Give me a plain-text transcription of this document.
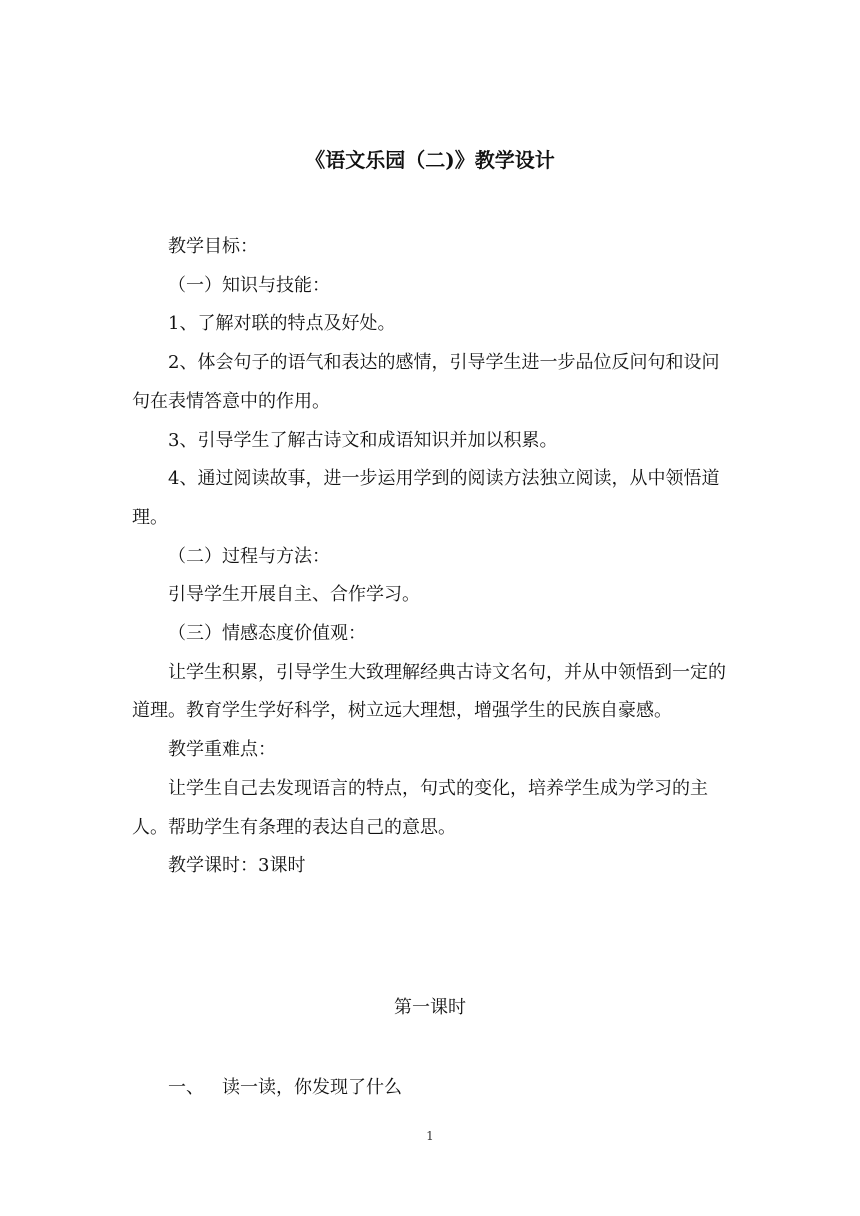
《语文乐园（二)》教学设计

教学目标：

（一）知识与技能：

1、了解对联的特点及好处。

2、体会句子的语气和表达的感情，引导学生进一步品位反问句和设问句在表情答意中的作用。

3、引导学生了解古诗文和成语知识并加以积累。

4、通过阅读故事，进一步运用学到的阅读方法独立阅读，从中领悟道理。

（二）过程与方法：

引导学生开展自主、合作学习。

（三）情感态度价值观：

让学生积累，引导学生大致理解经典古诗文名句，并从中领悟到一定的道理。教育学生学好科学，树立远大理想，增强学生的民族自豪感。

教学重难点：

让学生自己去发现语言的特点，句式的变化，培养学生成为学习的主人。帮助学生有条理的表达自己的意思。

教学课时：3课时

第一课时
一、 读一读，你发现了什么
1
